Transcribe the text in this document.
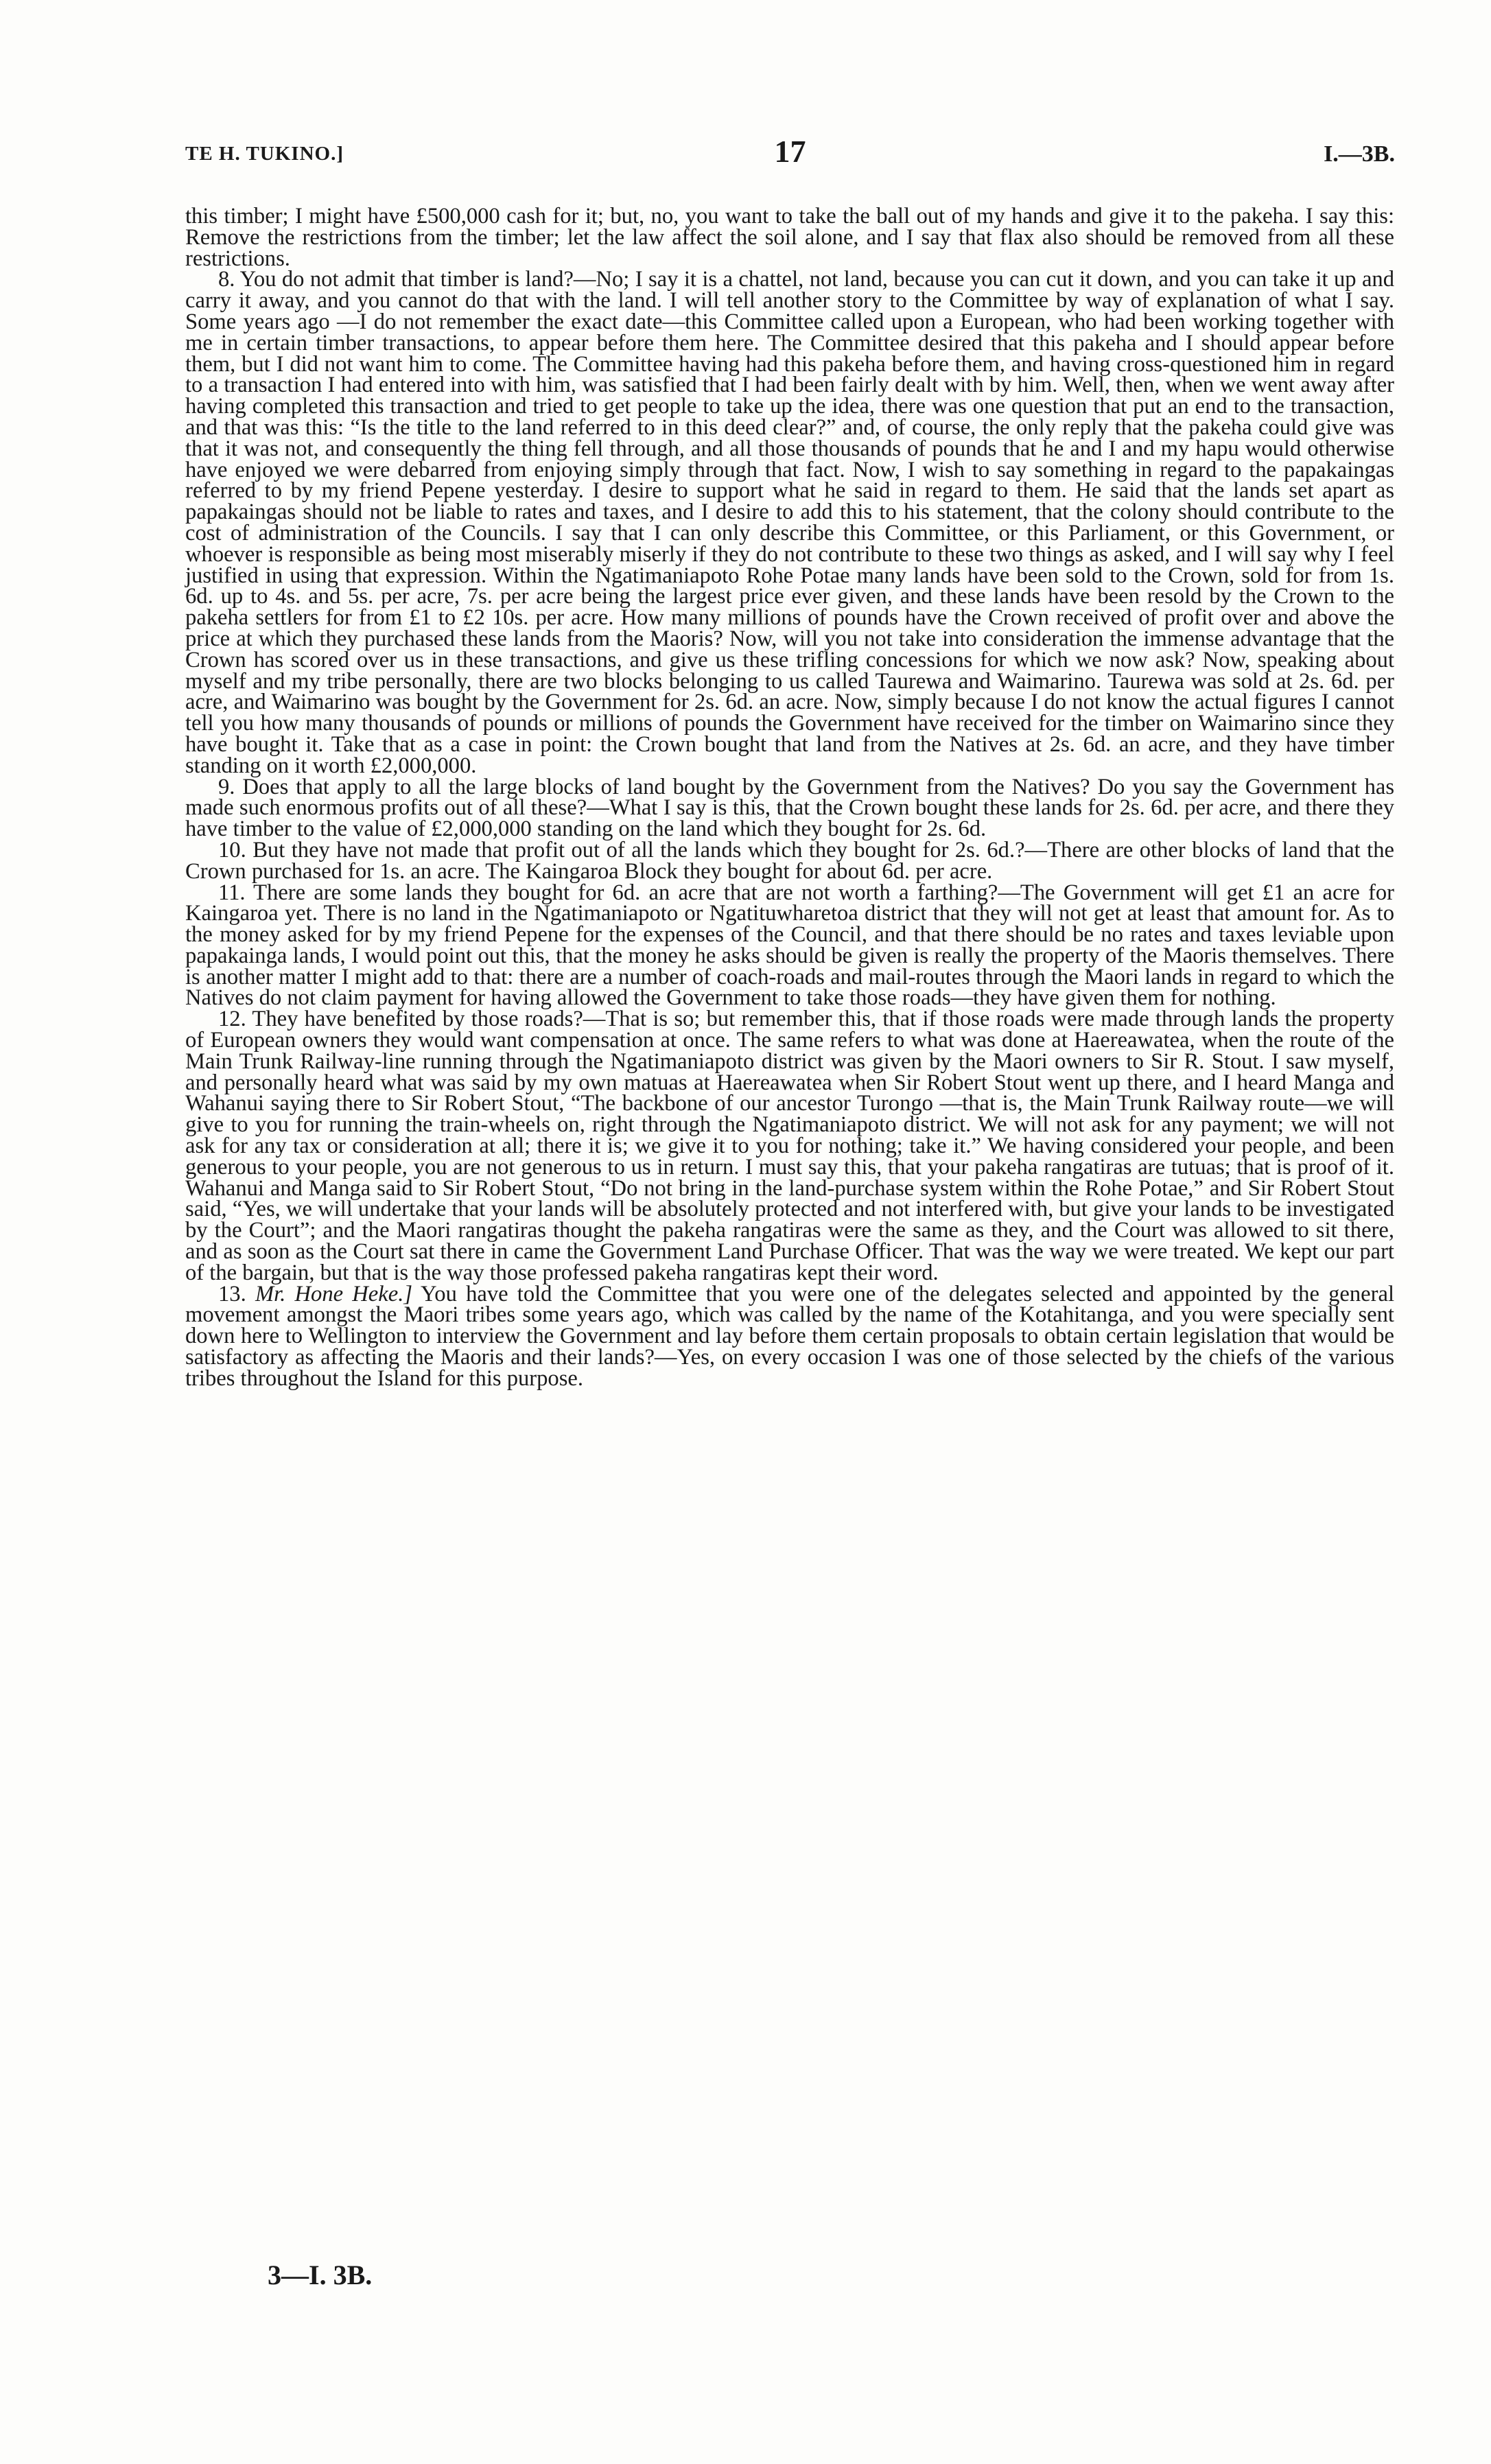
TE H. TUKINO.]	17	I.—3B.

this timber; I might have £500,000 cash for it; but, no, you want to take the ball out of my hands and give it to the pakeha. I say this: Remove the restrictions from the timber; let the law affect the soil alone, and I say that flax also should be removed from all these restrictions.

8. You do not admit that timber is land?—No; I say it is a chattel, not land, because you can cut it down, and you can take it up and carry it away, and you cannot do that with the land. I will tell another story to the Committee by way of explanation of what I say. Some years ago —I do not remember the exact date—this Committee called upon a European, who had been working together with me in certain timber transactions, to appear before them here. The Committee desired that this pakeha and I should appear before them, but I did not want him to come. The Committee having had this pakeha before them, and having cross-questioned him in regard to a transaction I had entered into with him, was satisfied that I had been fairly dealt with by him. Well, then, when we went away after having completed this transaction and tried to get people to take up the idea, there was one question that put an end to the transaction, and that was this: “Is the title to the land referred to in this deed clear?” and, of course, the only reply that the pakeha could give was that it was not, and consequently the thing fell through, and all those thousands of pounds that he and I and my hapu would otherwise have enjoyed we were debarred from enjoying simply through that fact. Now, I wish to say something in regard to the papakaingas referred to by my friend Pepene yesterday. I desire to support what he said in regard to them. He said that the lands set apart as papakaingas should not be liable to rates and taxes, and I desire to add this to his statement, that the colony should contribute to the cost of administration of the Councils. I say that I can only describe this Committee, or this Parliament, or this Government, or whoever is responsible as being most miserably miserly if they do not contribute to these two things as asked, and I will say why I feel justified in using that expression. Within the Ngatimaniapoto Rohe Potae many lands have been sold to the Crown, sold for from 1s. 6d. up to 4s. and 5s. per acre, 7s. per acre being the largest price ever given, and these lands have been resold by the Crown to the pakeha settlers for from £1 to £2 10s. per acre. How many millions of pounds have the Crown received of profit over and above the price at which they purchased these lands from the Maoris? Now, will you not take into consideration the immense advantage that the Crown has scored over us in these transactions, and give us these trifling concessions for which we now ask? Now, speaking about myself and my tribe personally, there are two blocks belonging to us called Taurewa and Waimarino. Taurewa was sold at 2s. 6d. per acre, and Waimarino was bought by the Government for 2s. 6d. an acre. Now, simply because I do not know the actual figures I cannot tell you how many thousands of pounds or millions of pounds the Government have received for the timber on Waimarino since they have bought it. Take that as a case in point: the Crown bought that land from the Natives at 2s. 6d. an acre, and they have timber standing on it worth £2,000,000.

9. Does that apply to all the large blocks of land bought by the Government from the Natives? Do you say the Government has made such enormous profits out of all these?—What I say is this, that the Crown bought these lands for 2s. 6d. per acre, and there they have timber to the value of £2,000,000 standing on the land which they bought for 2s. 6d.

10. But they have not made that profit out of all the lands which they bought for 2s. 6d.?—There are other blocks of land that the Crown purchased for 1s. an acre. The Kaingaroa Block they bought for about 6d. per acre.

11. There are some lands they bought for 6d. an acre that are not worth a farthing?—The Government will get £1 an acre for Kaingaroa yet. There is no land in the Ngatimaniapoto or Ngatituwharetoa district that they will not get at least that amount for. As to the money asked for by my friend Pepene for the expenses of the Council, and that there should be no rates and taxes leviable upon papakainga lands, I would point out this, that the money he asks should be given is really the property of the Maoris themselves. There is another matter I might add to that: there are a number of coach-roads and mail-routes through the Maori lands in regard to which the Natives do not claim payment for having allowed the Government to take those roads—they have given them for nothing.

12. They have benefited by those roads?—That is so; but remember this, that if those roads were made through lands the property of European owners they would want compensation at once. The same refers to what was done at Haereawatea, when the route of the Main Trunk Railway-line running through the Ngatimaniapoto district was given by the Maori owners to Sir R. Stout. I saw myself, and personally heard what was said by my own matuas at Haereawatea when Sir Robert Stout went up there, and I heard Manga and Wahanui saying there to Sir Robert Stout, “The backbone of our ancestor Turongo —that is, the Main Trunk Railway route—we will give to you for running the train-wheels on, right through the Ngatimaniapoto district. We will not ask for any payment; we will not ask for any tax or consideration at all; there it is; we give it to you for nothing; take it.” We having considered your people, and been generous to your people, you are not generous to us in return. I must say this, that your pakeha rangatiras are tutuas; that is proof of it. Wahanui and Manga said to Sir Robert Stout, “Do not bring in the land-purchase system within the Rohe Potae,” and Sir Robert Stout said, “Yes, we will undertake that your lands will be absolutely protected and not interfered with, but give your lands to be investigated by the Court”; and the Maori rangatiras thought the pakeha rangatiras were the same as they, and the Court was allowed to sit there, and as soon as the Court sat there in came the Government Land Purchase Officer. That was the way we were treated. We kept our part of the bargain, but that is the way those professed pakeha rangatiras kept their word.

13. Mr. Hone Heke.] You have told the Committee that you were one of the delegates selected and appointed by the general movement amongst the Maori tribes some years ago, which was called by the name of the Kotahitanga, and you were specially sent down here to Wellington to interview the Government and lay before them certain proposals to obtain certain legislation that would be satisfactory as affecting the Maoris and their lands?—Yes, on every occasion I was one of those selected by the chiefs of the various tribes throughout the Island for this purpose.

3—I. 3B.
